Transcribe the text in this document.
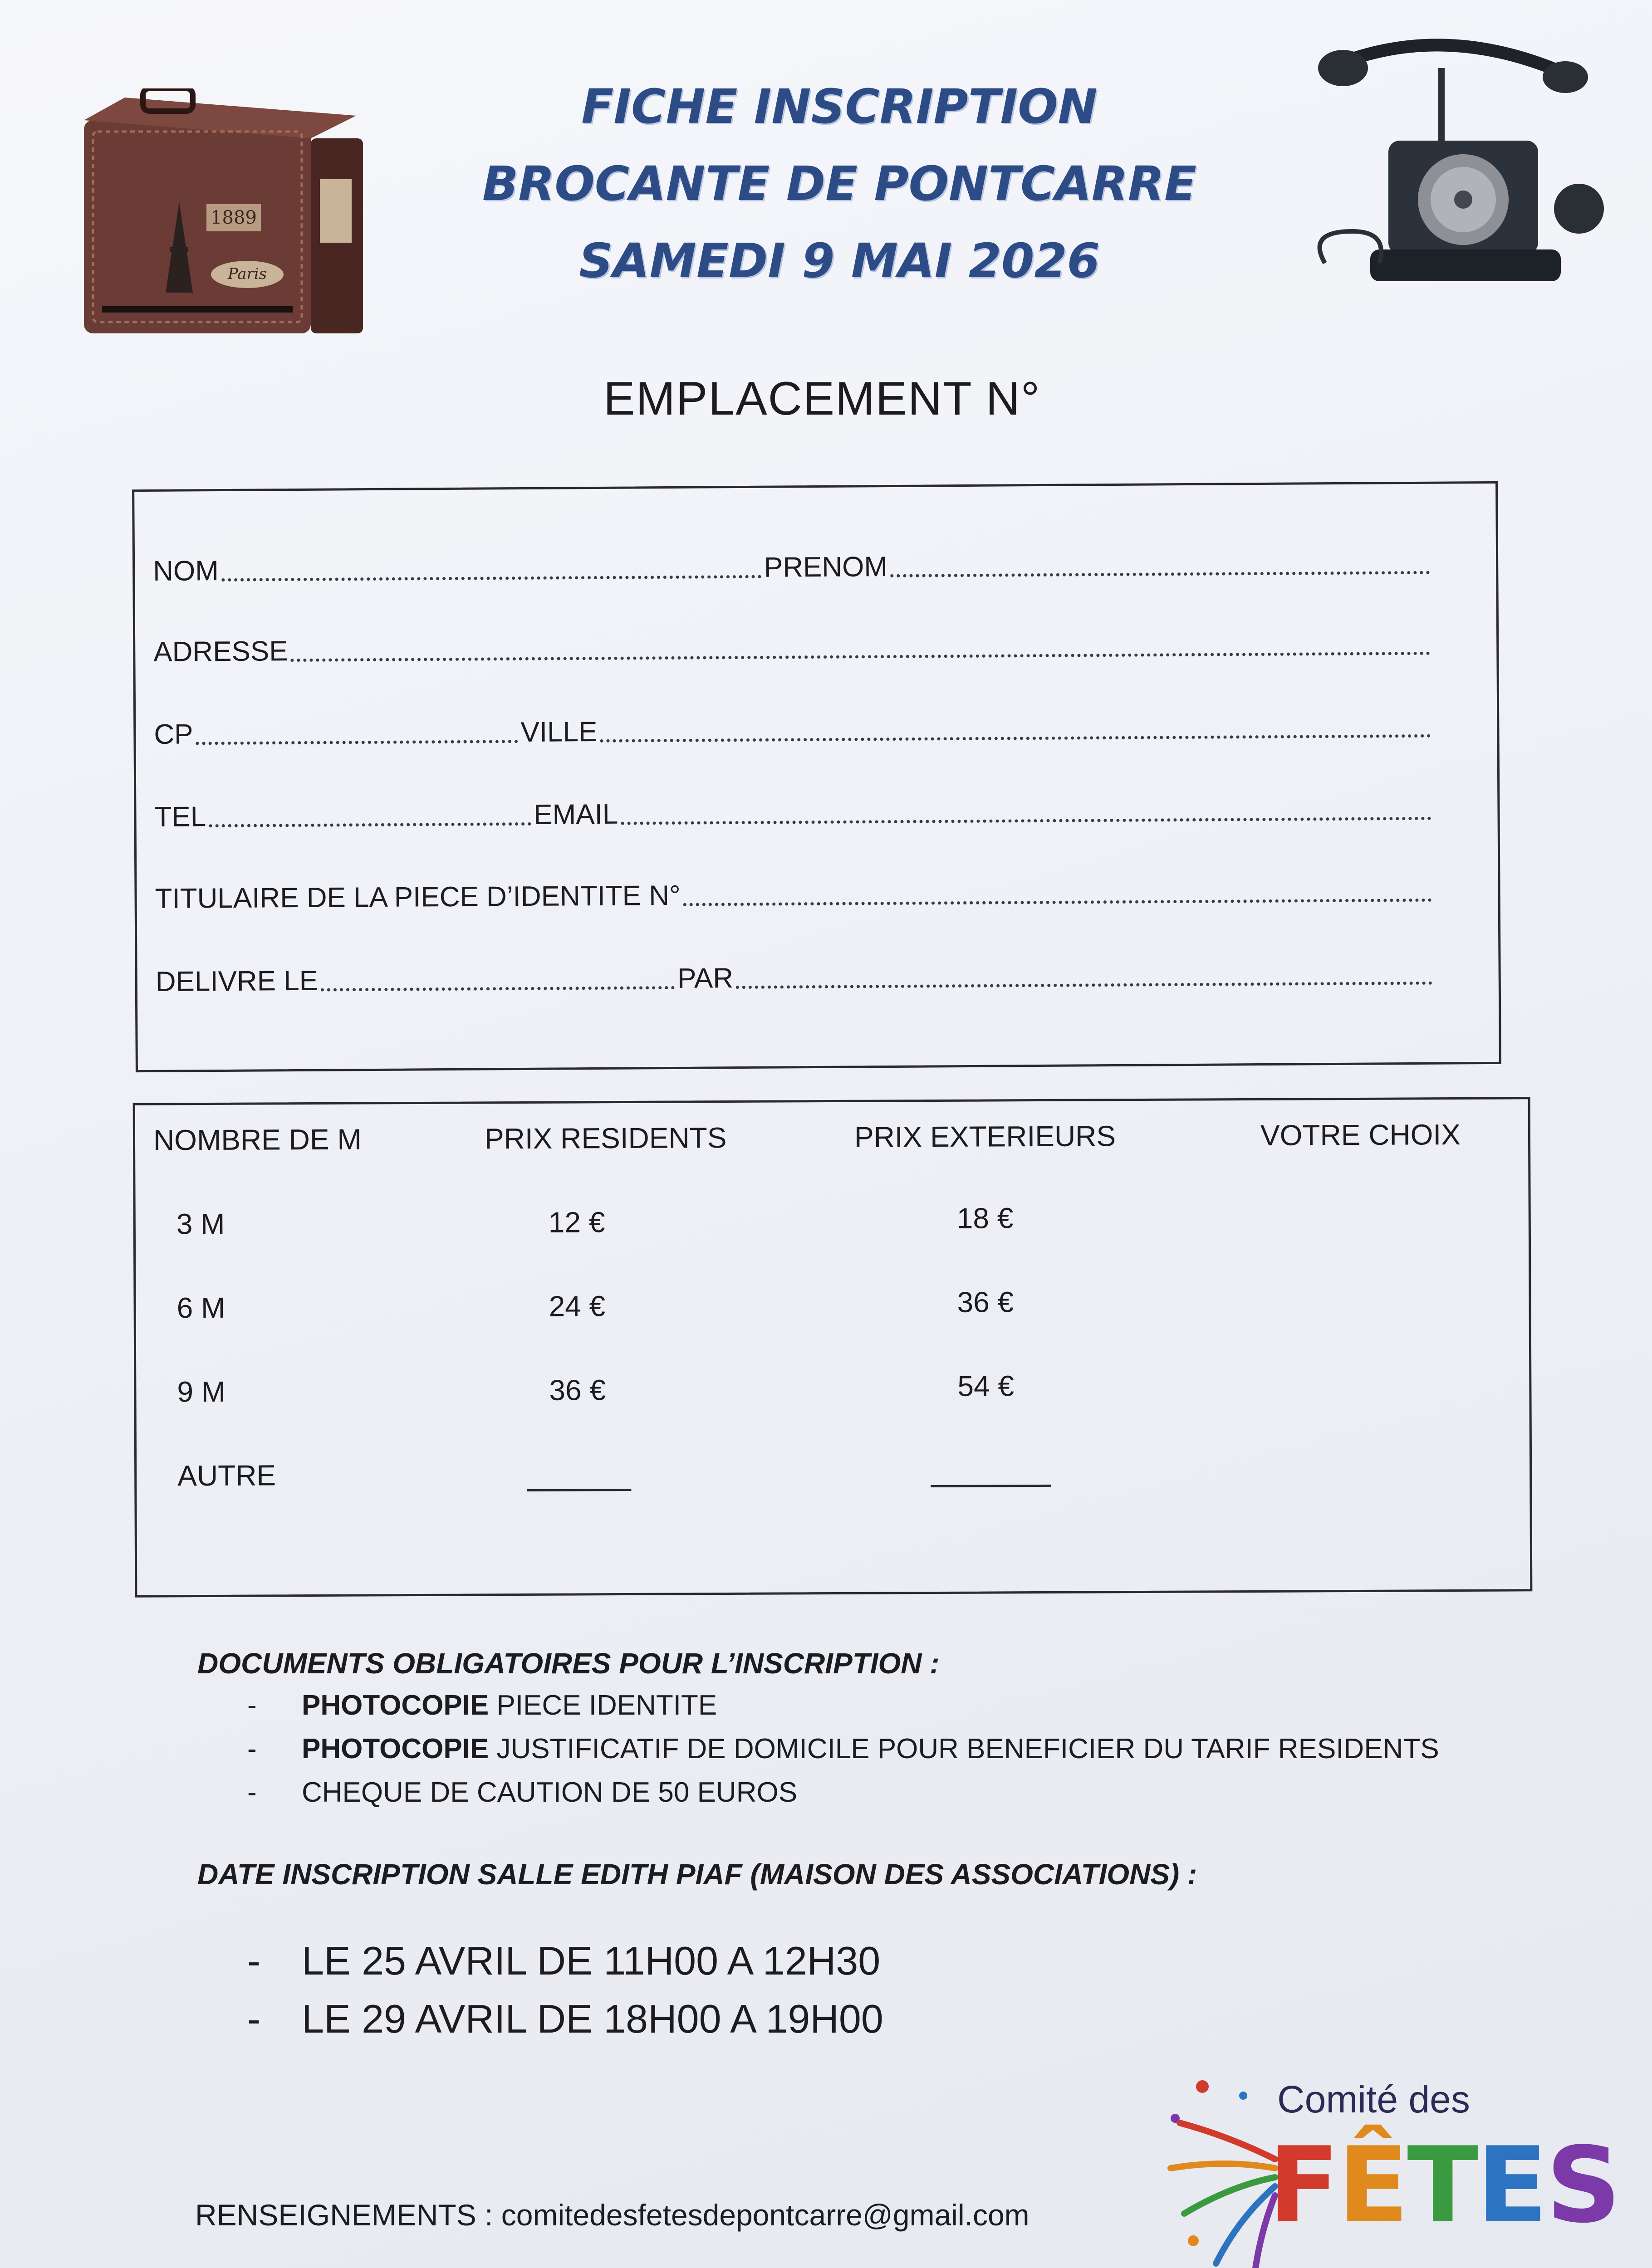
Paris
1889
FICHE INSCRIPTION
BROCANTE DE PONTCARRE
SAMEDI 9 MAI 2026
EMPLACEMENT N°
NOM	PRENOM
ADRESSE
CP	VILLE
TEL	EMAIL
TITULAIRE DE LA PIECE D’IDENTITE N°
DELIVRE LE	PAR
NOMBRE DE M	PRIX RESIDENTS	PRIX EXTERIEURS	VOTRE CHOIX
3 M	12 €	18 €
6 M	24 €	36 €
9 M	36 €	54 €
AUTRE
DOCUMENTS OBLIGATOIRES POUR L’INSCRIPTION :
- PHOTOCOPIE PIECE IDENTITE
- PHOTOCOPIE JUSTIFICATIF DE DOMICILE POUR BENEFICIER DU TARIF RESIDENTS
- CHEQUE DE CAUTION DE 50 EUROS
DATE INSCRIPTION SALLE EDITH PIAF (MAISON DES ASSOCIATIONS) :
- LE 25 AVRIL DE 11H00 A 12H30
- LE 29 AVRIL DE 18H00 A 19H00
RENSEIGNEMENTS : comitedesfetesdepontcarre@gmail.com
Comité des
FÊTES
